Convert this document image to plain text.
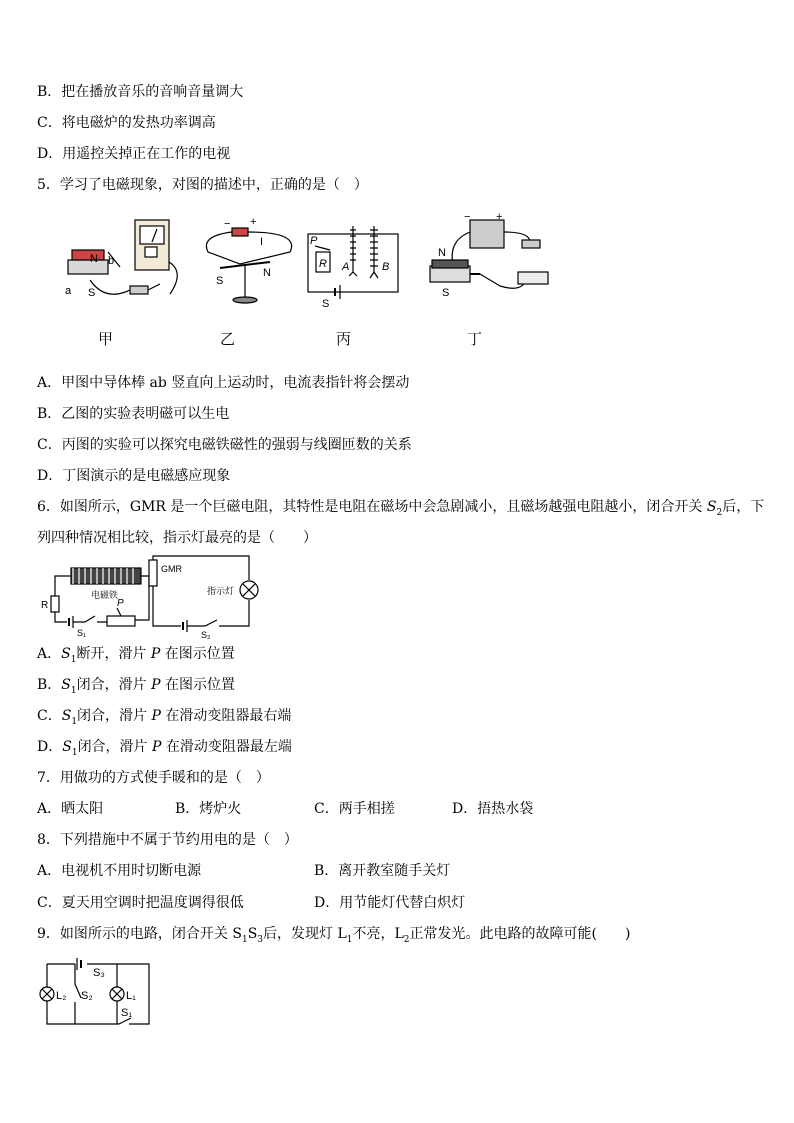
B．把在播放音乐的音响音量调大
C．将电磁炉的发热功率调高
D．用遥控关掉正在工作的电视
5．学习了电磁现象，对图的描述中，正确的是（　）
N b
a S
− +
I
S
N
P
R A	B
S
N
S
− +
甲	乙	丙	丁
A．甲图中导体棒 ab 竖直向上运动时，电流表指针将会摆动
B．乙图的实验表明磁可以生电
C．丙图的实验可以探究电磁铁磁性的强弱与线圈匝数的关系
D．丁图演示的是电磁感应现象
6．如图所示，GMR 是一个巨磁电阻，其特性是电阻在磁场中会急剧减小，且磁场越强电阻越小，闭合开关 $S_2$后，下
列四种情况相比较，指示灯最亮的是（　　）
R
电磁铁
P
S₁
GMR
指示灯
S₂
A．$S_1$断开，滑片 P 在图示位置
B．$S_1$闭合，滑片 P 在图示位置
C．$S_1$闭合，滑片 P 在滑动变阻器最右端
D．$S_1$闭合，滑片 P 在滑动变阻器最左端
7．用做功的方式使手暖和的是（　）
A．晒太阳	B．烤炉火	C．两手相搓	D．捂热水袋
8．下列措施中不属于节约用电的是（　）
A．电视机不用时切断电源	B．离开教室随手关灯
C．夏天用空调时把温度调得很低	D．用节能灯代替白炽灯
9．如图所示的电路，闭合开关 $S_1S_3$后，发现灯 $L_1$不亮，$L_2$正常发光。此电路的故障可能(　　)
S₃
L₂ S₂	L₁
S₁
